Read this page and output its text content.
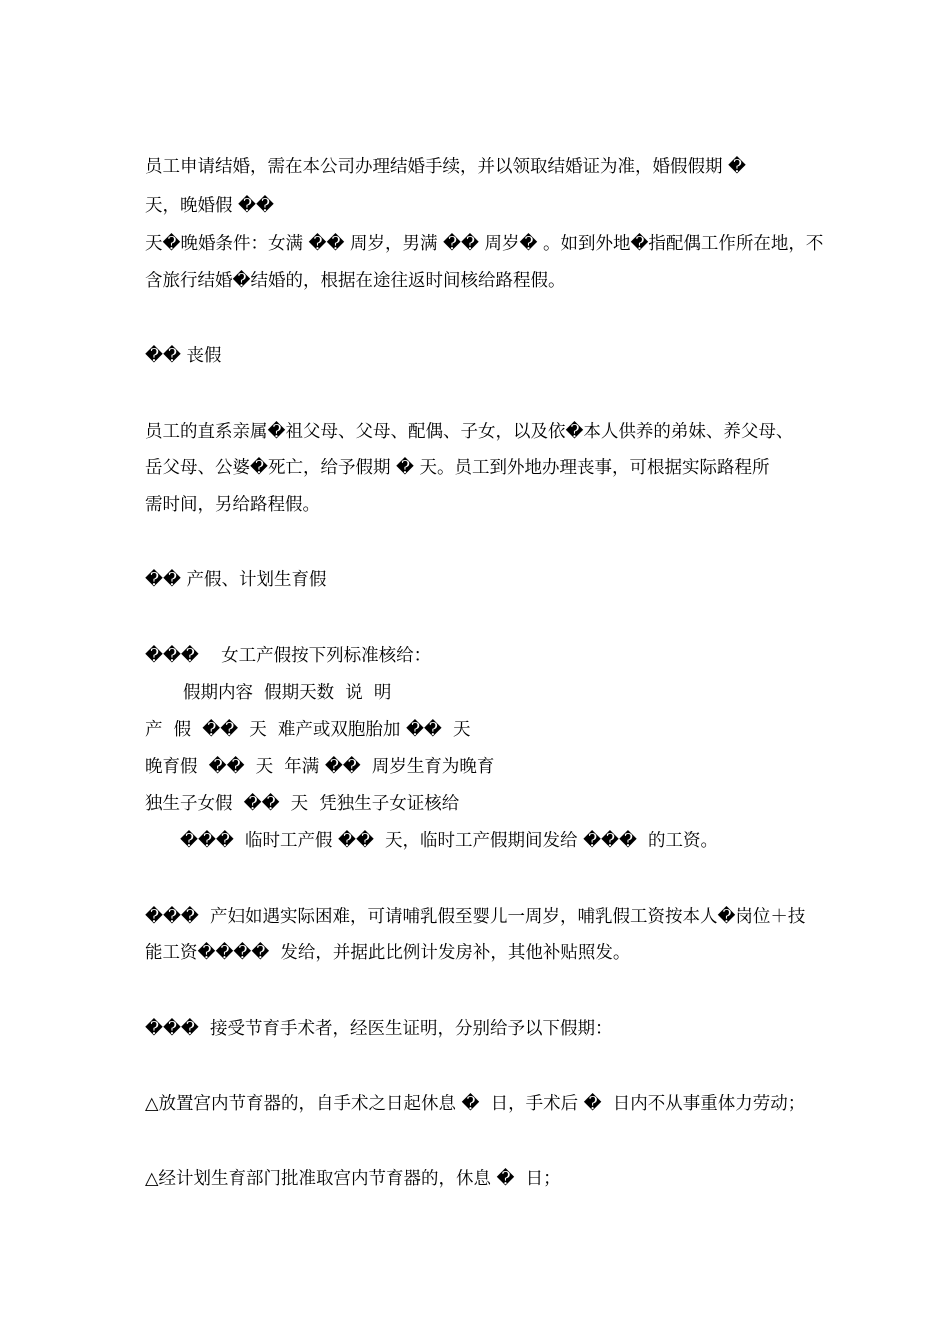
员工申请结婚，需在本公司办理结婚手续，并以领取结婚证为准，婚假假期 �

天，晚婚假 ��

天�晚婚条件：女满 �� 周岁，男满 �� 周岁� 。如到外地�指配偶工作所在地，不

含旅行结婚�结婚的，根据在途往返时间核给路程假。

�� 丧假

员工的直系亲属�祖父母、父母、配偶、子女，以及依�本人供养的弟妹、养父母、

岳父母、公婆�死亡，给予假期 � 天。员工到外地办理丧事，可根据实际路程所

需时间，另给路程假。

�� 产假、计划生育假

���    女工产假按下列标准核给：

假期内容  假期天数  说  明

产  假  ��  天  难产或双胞胎加 ��  天

晚育假  ��  天  年满 ��  周岁生育为晚育

独生子女假  ��  天  凭独生子女证核给

���  临时工产假 ��  天，临时工产假期间发给 ���  的工资。

���  产妇如遇实际困难，可请哺乳假至婴儿一周岁，哺乳假工资按本人�岗位＋技

能工资����  发给，并据此比例计发房补，其他补贴照发。

���  接受节育手术者，经医生证明，分别给予以下假期：

△放置宫内节育器的，自手术之日起休息 �  日，手术后 �  日内不从事重体力劳动；

△经计划生育部门批准取宫内节育器的，休息 �  日；
